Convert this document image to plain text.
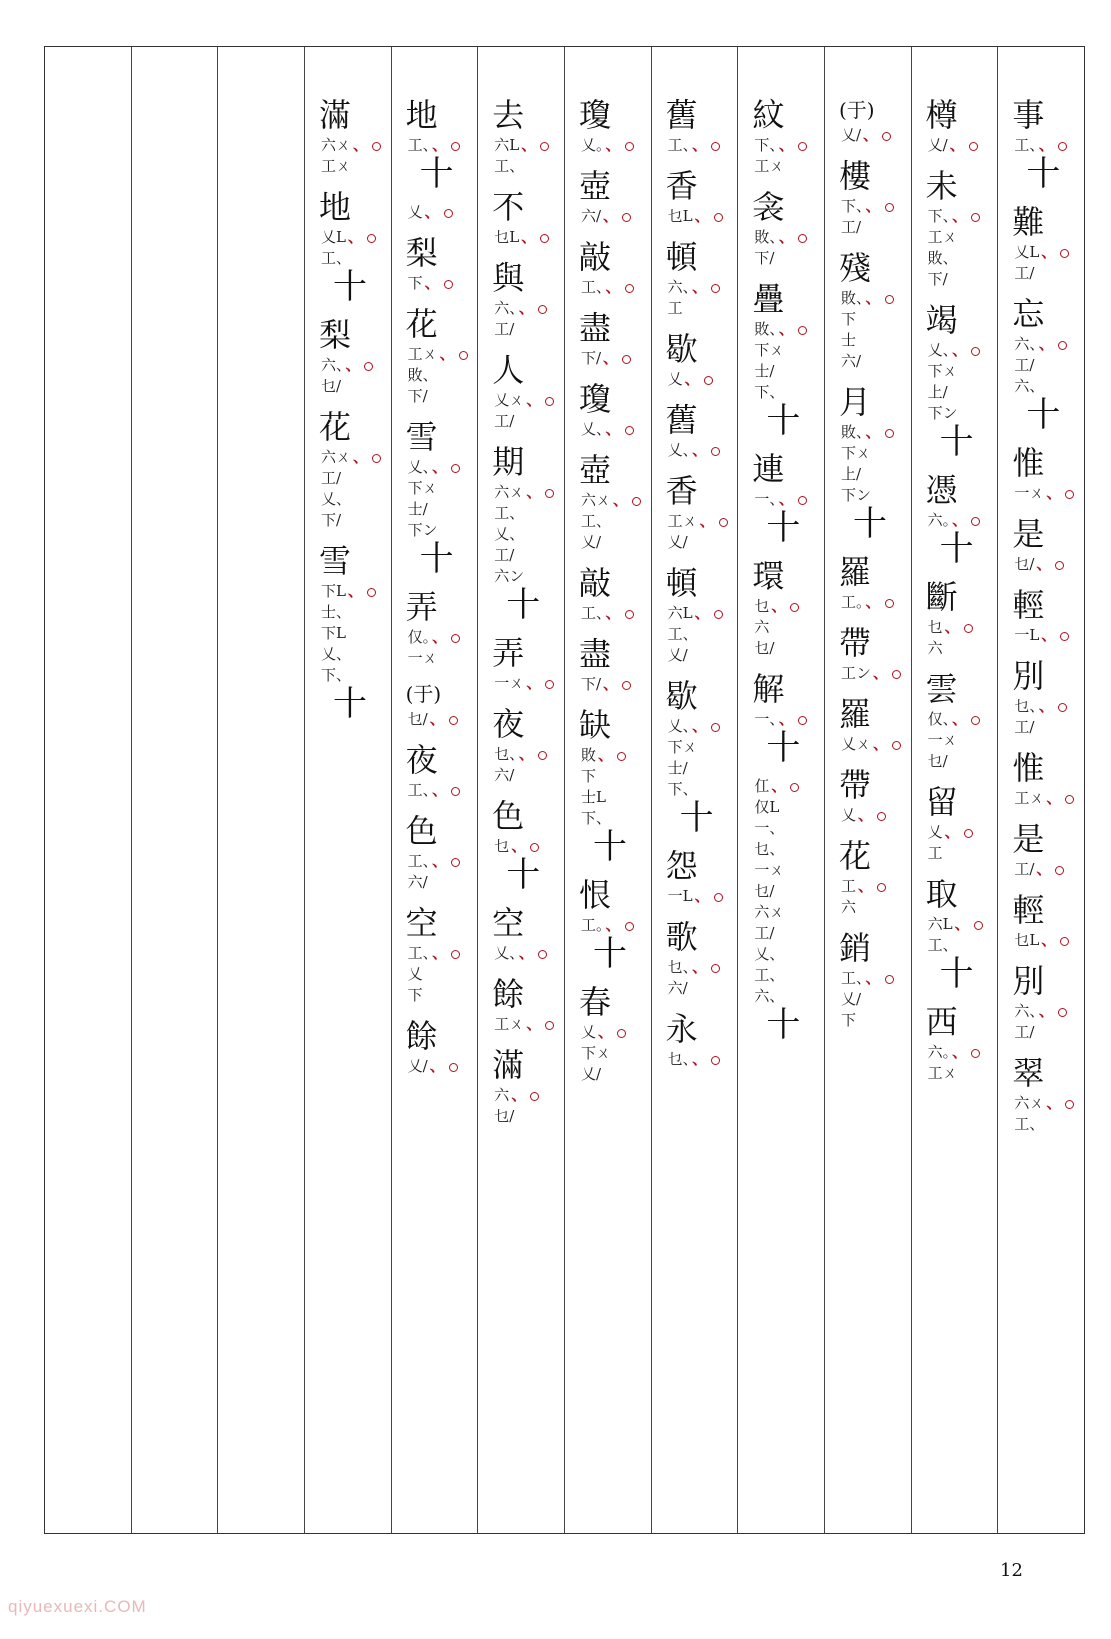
事
工、 、
十
難
乂L 、
工/
忘
六、 、
工/
六、
十
惟
一ㄨ 、
是
乜/ 、
輕
一L 、
別
乜、 、
工/
惟
工ㄨ 、
是
工/ 、
輕
乜L 、
別
六、 、
工/
翠
六ㄨ 、
工、
樽
乂/ 、
未
下、 、
工ㄨ
敗、
下/
竭
乂、 、
下ㄨ
上/
下ン
十
憑
六。 、
十
斷
乜 、
六
雲
仅、 、
一ㄨ
乜/
留
乂 、
工
取
六L 、
工、
十
西
六。 、
工ㄨ
(于)
乂/ 、
樓
下、 、
工/
殘
敗、 、
下
士
六/
月
敗、 、
下ㄨ
上/
下ン
十
羅
工。 、
帶
工ン 、
羅
乂ㄨ 、
帶
乂 、
花
工 、
六
銷
工、 、
乂/
下
紋
下、 、
工ㄨ
衾
敗、 、
下/
疊
敗、 、
下ㄨ
士/
下、
十
連
一、 、
十
環
乜 、
六
乜/
解
一、 、
十
仜 、
仅L
一、
乜、
一ㄨ
乜/
六ㄨ
工/
乂、
工、
六、
十
舊
工、 、
香
乜L 、
頓
六、 、
工
歇
乂 、
舊
乂、 、
香
工ㄨ 、
乂/
頓
六L 、
工、
乂/
歇
乂、 、
下ㄨ
士/
下、
十
怨
一L 、
歌
乜、 、
六/
永
乜、 、
瓊
乂。 、
壺
六/ 、
敲
工、 、
盡
下/ 、
瓊
乂、 、
壺
六ㄨ 、
工、
乂/
敲
工、 、
盡
下/ 、
缺
敗 、
下
士L
下、
十
恨
工。 、
十
春
乂 、
下ㄨ
乂/
去
六L 、
工、
不
乜L 、
與
六、 、
工/
人
乂ㄨ 、
工/
期
六ㄨ 、
工、
乂、
工/
六ン
十
弄
一ㄨ 、
夜
乜、 、
六/
色
乜 、
十
空
乂、 、
餘
工ㄨ 、
滿
六 、
乜/
地
工、 、
十
乂 、
梨
下 、
花
工ㄨ 、
敗、
下/
雪
乂、 、
下ㄨ
士/
下ン
十
弄
仅。 、
一ㄨ
(于)
乜/ 、
夜
工、 、
色
工、 、
六/
空
工、 、
乂
下
餘
乂/ 、
滿
六ㄨ 、
工ㄨ
地
乂L 、
工、
十
梨
六、 、
乜/
花
六ㄨ 、
工/
乂、
下/
雪
下L 、
士、
下L
乂、
下、
十
12
qiyuexuexi.COM
